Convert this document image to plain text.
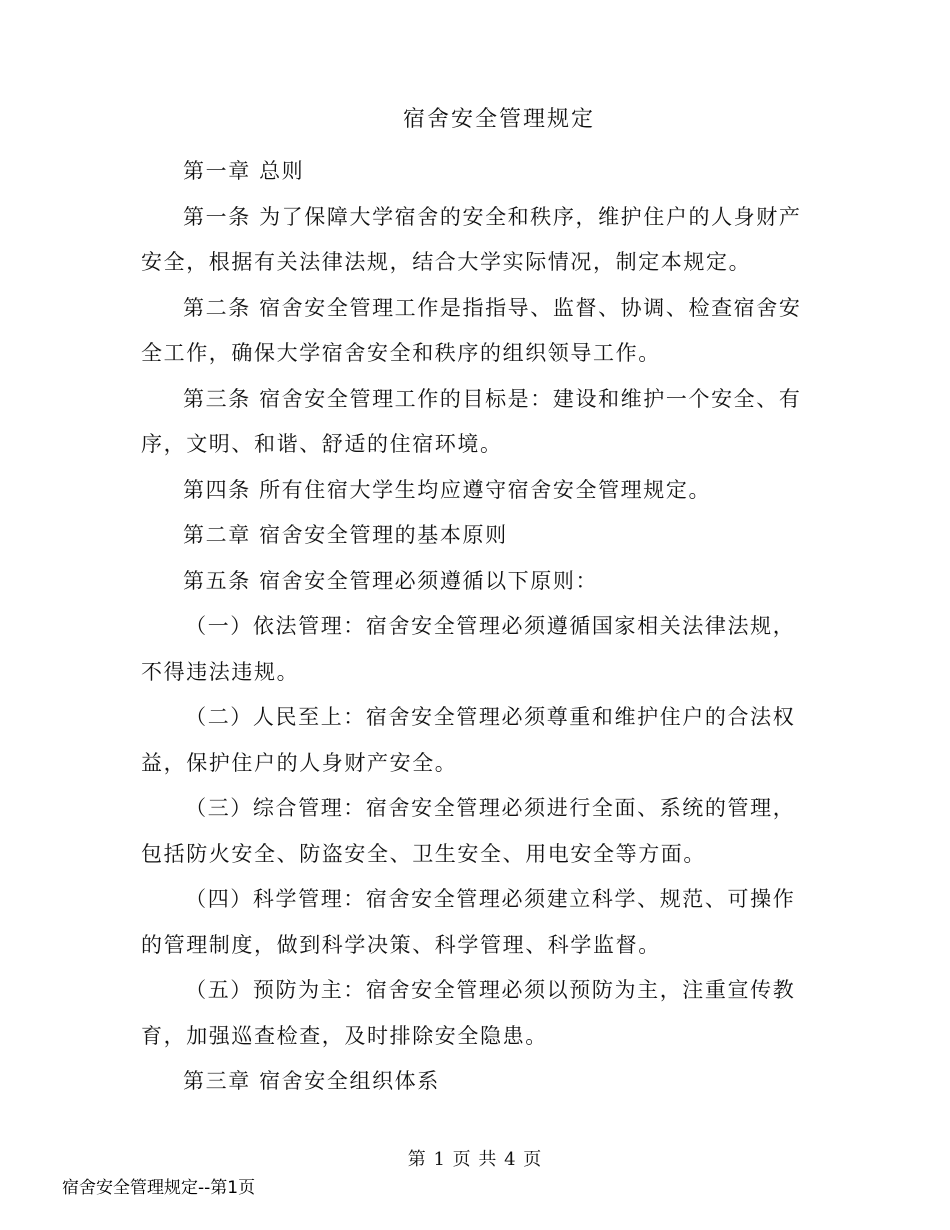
宿舍安全管理规定

第一章 总则

第一条 为了保障大学宿舍的安全和秩序，维护住户的人身财产安全，根据有关法律法规，结合大学实际情况，制定本规定。

第二条 宿舍安全管理工作是指指导、监督、协调、检查宿舍安全工作，确保大学宿舍安全和秩序的组织领导工作。

第三条 宿舍安全管理工作的目标是：建设和维护一个安全、有序，文明、和谐、舒适的住宿环境。

第四条 所有住宿大学生均应遵守宿舍安全管理规定。

第二章 宿舍安全管理的基本原则

第五条 宿舍安全管理必须遵循以下原则：

（一）依法管理：宿舍安全管理必须遵循国家相关法律法规，不得违法违规。

（二）人民至上：宿舍安全管理必须尊重和维护住户的合法权益，保护住户的人身财产安全。

（三）综合管理：宿舍安全管理必须进行全面、系统的管理，包括防火安全、防盗安全、卫生安全、用电安全等方面。

（四）科学管理：宿舍安全管理必须建立科学、规范、可操作的管理制度，做到科学决策、科学管理、科学监督。

（五）预防为主：宿舍安全管理必须以预防为主，注重宣传教育，加强巡查检查，及时排除安全隐患。

第三章 宿舍安全组织体系

第 1 页 共 4 页
宿舍安全管理规定--第1页
